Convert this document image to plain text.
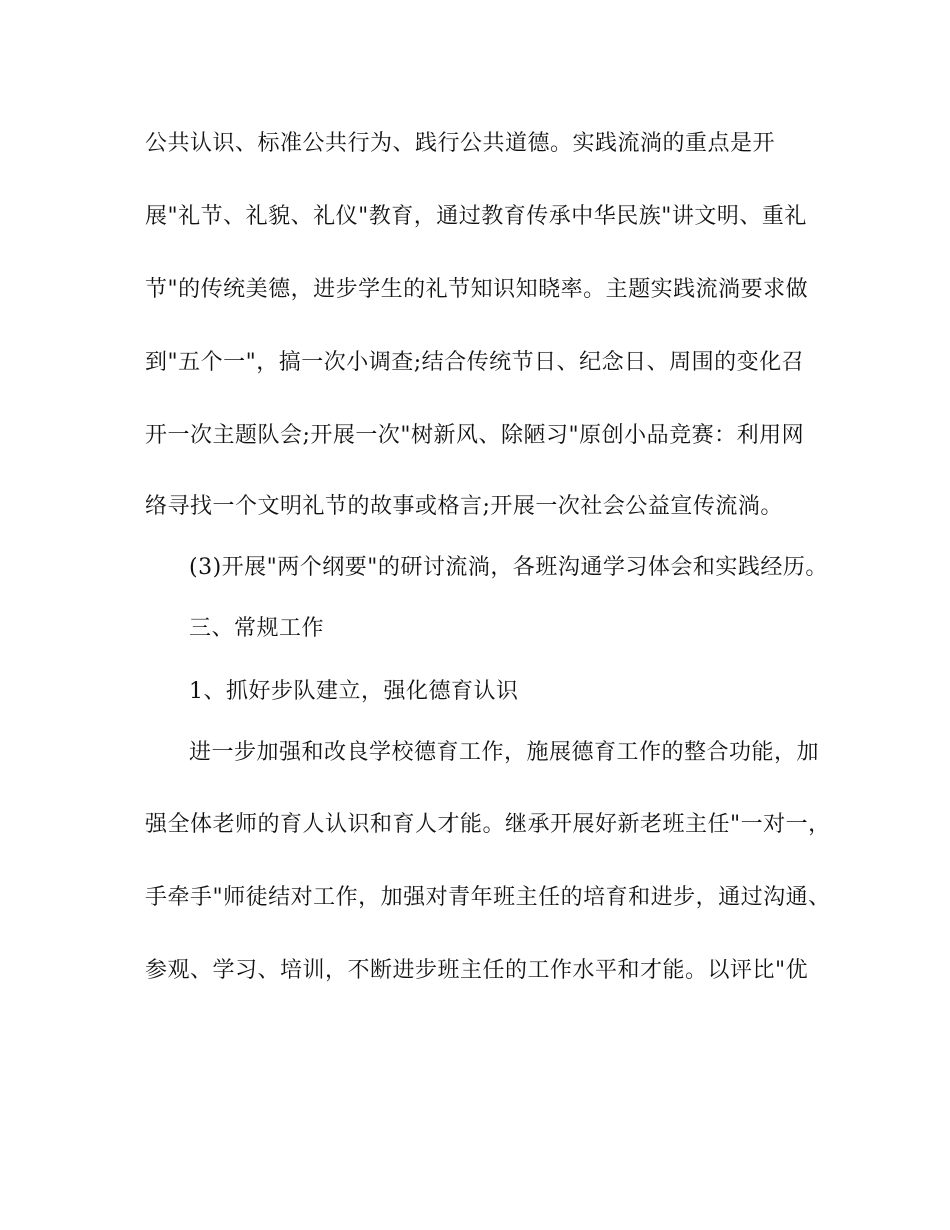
公共认识、标准公共行为、践行公共道德。实践流淌的重点是开
展"礼节、礼貌、礼仪"教育，通过教育传承中华民族"讲文明、重礼
节"的传统美德，进步学生的礼节知识知晓率。主题实践流淌要求做
到"五个一"，搞一次小调查;结合传统节日、纪念日、周围的变化召
开一次主题队会;开展一次"树新风、除陋习"原创小品竞赛：利用网
络寻找一个文明礼节的故事或格言;开展一次社会公益宣传流淌。
(3)开展"两个纲要"的研讨流淌，各班沟通学习体会和实践经历。
三、常规工作
1、抓好步队建立，强化德育认识
进一步加强和改良学校德育工作，施展德育工作的整合功能，加
强全体老师的育人认识和育人才能。继承开展好新老班主任"一对一，
手牵手"师徒结对工作，加强对青年班主任的培育和进步，通过沟通、
参观、学习、培训，不断进步班主任的工作水平和才能。以评比"优
